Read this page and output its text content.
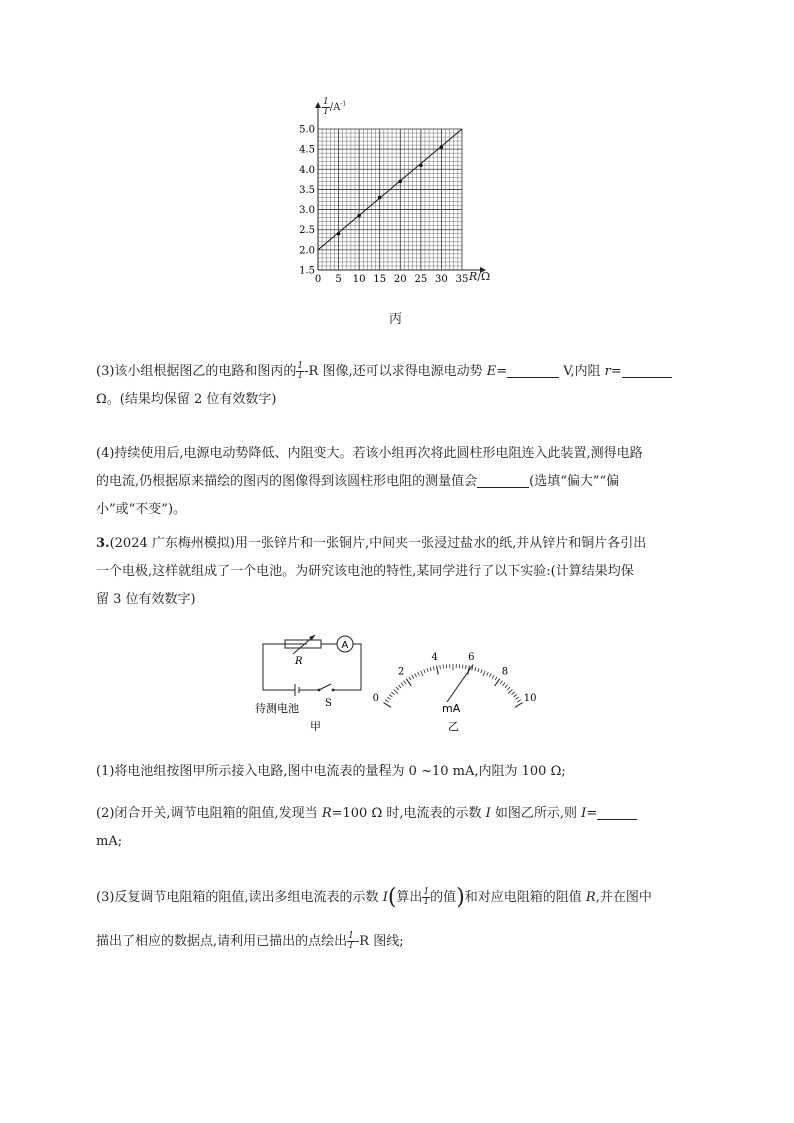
0 5 10 15 20 25 30 35
1.5
2.0
2.5
3.0
3.5
4.0
4.5
5.0
$\frac{1}{I} /A^{-1}$
R/Ω
丙
(3)该小组根据图乙的电路和图丙的 $\frac{1}{I} -R$ 图像,还可以求得电源电动势 E=	V,内阻 r=
Ω。(结果均保留 2 位有效数字)
(4)持续使用后,电源电动势降低、内阻变大。若该小组再次将此圆柱形电阻连入此装置,测得电路
的电流,仍根据原来描绘的图丙的图像得到该圆柱形电阻的测量值会	(选填“偏大”“偏
小”或“不变”)。
3.(2024 广东梅州模拟)用一张锌片和一张铜片,中间夹一张浸过盐水的纸,并从锌片和铜片各引出
一个电极,这样就组成了一个电池。为研究该电池的特性,某同学进行了以下实验:(计算结果均保
留 3 位有效数字)
R
A
待测电池	S
甲
0
2
4	6
8
10
mA
乙
(1)将电池组按图甲所示接入电路,图中电流表的量程为 0 ~10 mA,内阻为 100 Ω;
(2)闭合开关,调节电阻箱的阻值,发现当 R=100 Ω 时,电流表的示数 I 如图乙所示,则 I=
mA;
(3)反复调节电阻箱的阻值,读出多组电流表的示数 I(算出 $\frac{1}{I}$ 的值)和对应电阻箱的阻值 R,并在图中
描出了相应的数据点,请利用已描出的点绘出 $\frac{1}{I} -R$ 图线;
